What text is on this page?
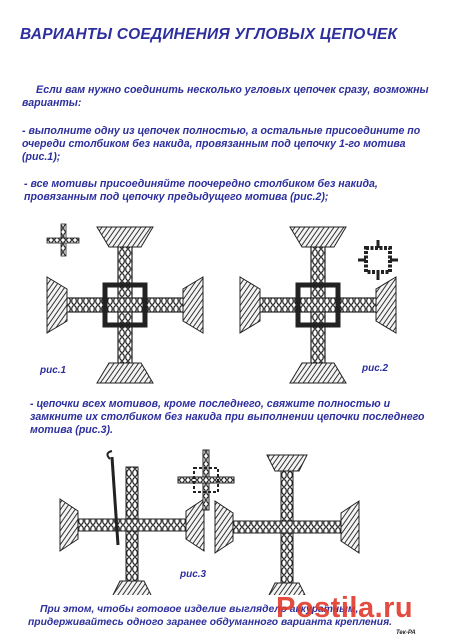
ВАРИАНТЫ СОЕДИНЕНИЯ УГЛОВЫХ ЦЕПОЧЕК
Если вам нужно соединить несколько угловых цепочек сразу, возможны варианты:
- выполните одну из цепочек полностью, а остальные присоедините по очереди столбиком без накида, провязанным под цепочку 1-го мотива (рис.1);
- все мотивы присоединяйте поочередно столбиком без накида, провязанным под цепочку предыдущего мотива (рис.2);
рис.1	рис.2
- цепочки всех мотивов, кроме последнего, свяжите полностью и замкните их столбиком без накида при выполнении цепочки последнего мотива (рис.3).
рис.3
При этом, чтобы готовое изделие выглядело аккуратным, придерживайтесь одного заранее обдуманного варианта крепления.
Тек-РА
Postila.ru
